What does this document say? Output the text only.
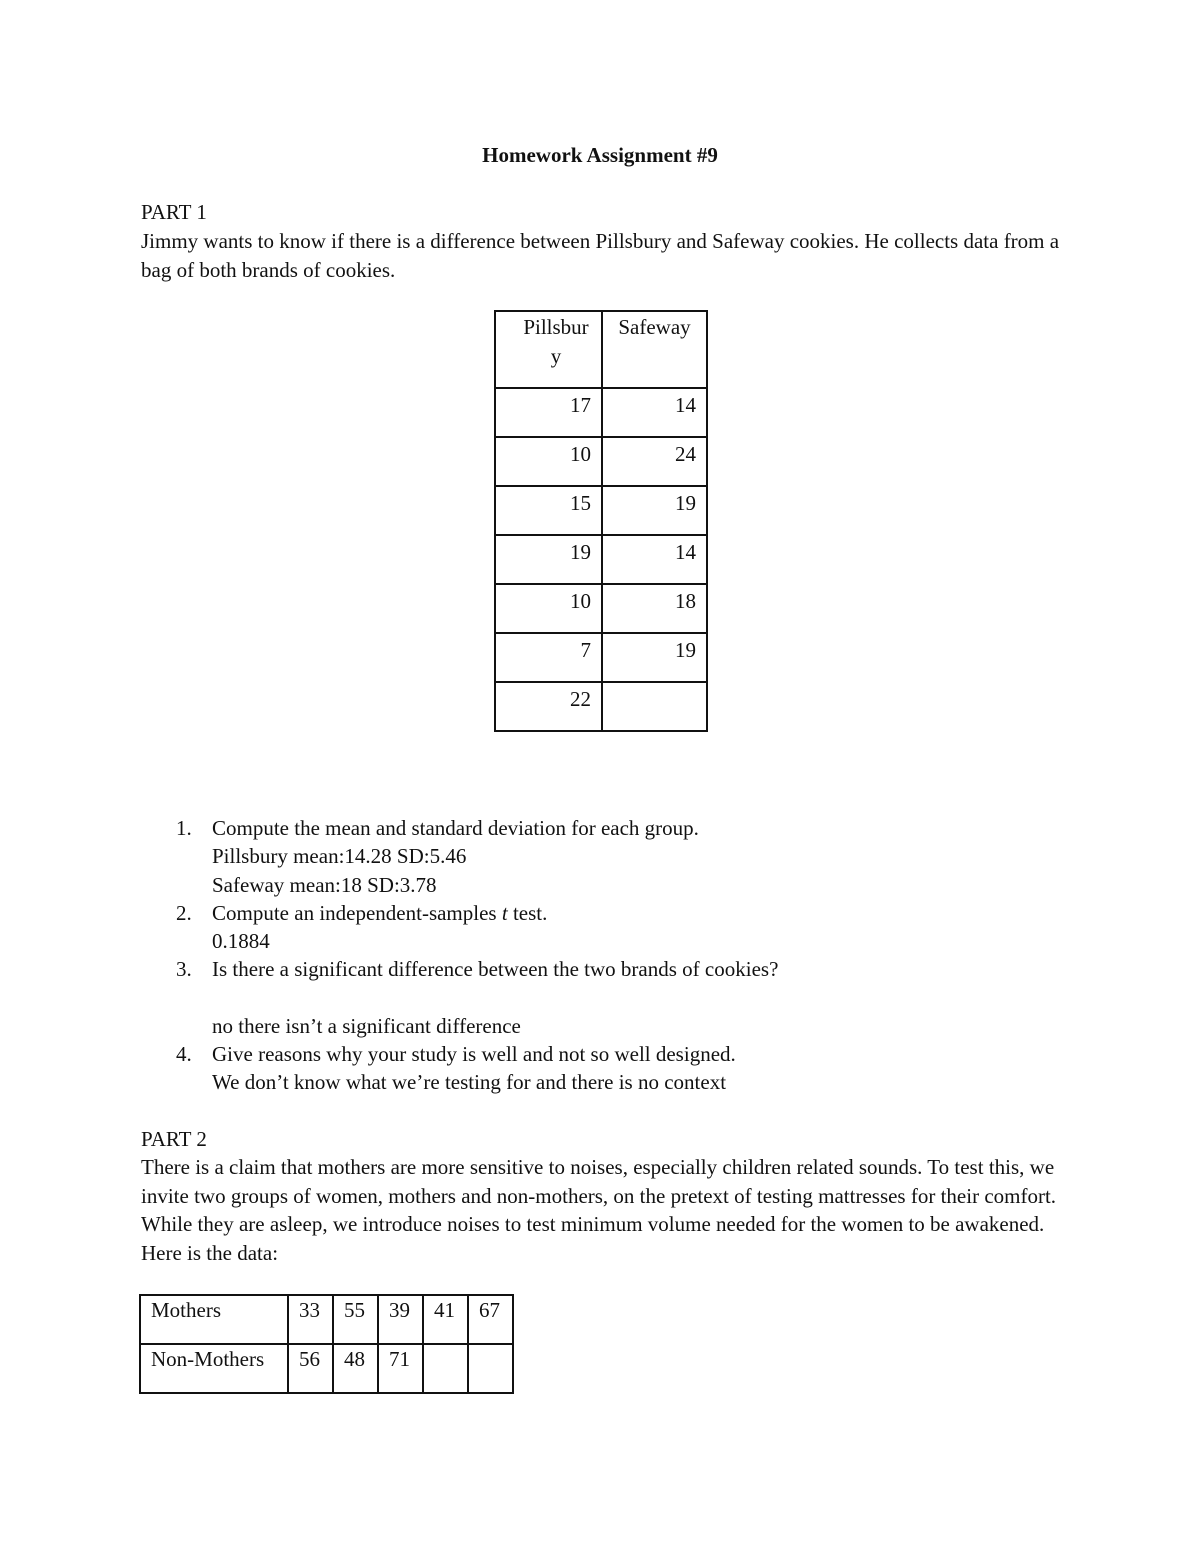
Homework Assignment #9
PART 1

Jimmy wants to know if there is a difference between Pillsbury and Safeway cookies. He collects data from a bag of both brands of cookies.

Pillsbur y	Safeway

17	14

10	24

15	19

19	14

10	18

7	19

22	

1. Compute the mean and standard deviation for each group.
Pillsbury mean:14.28 SD:5.46
Safeway mean:18 SD:3.78
2. Compute an independent-samples t test.
0.1884
3. Is there a significant difference between the two brands of cookies?
no there isn’t a significant difference
4. Give reasons why your study is well and not so well designed.
We don’t know what we’re testing for and there is no context
PART 2

There is a claim that mothers are more sensitive to noises, especially children related sounds. To test this, we invite two groups of women, mothers and non-mothers, on the pretext of testing mattresses for their comfort. While they are asleep, we introduce noises to test minimum volume needed for the women to be awakened. Here is the data:

Mothers	33	55	39	41	67
Non-Mothers	56	48	71		
